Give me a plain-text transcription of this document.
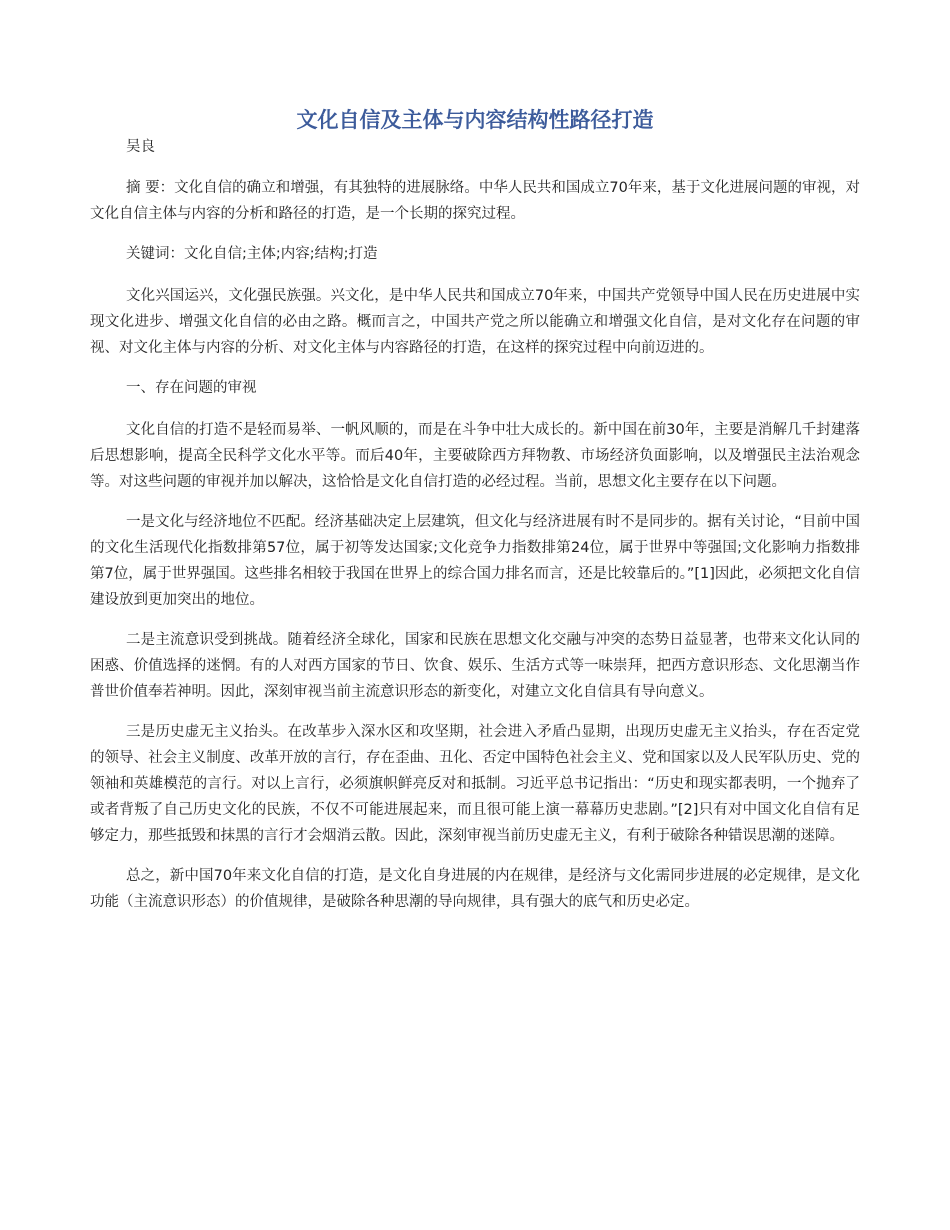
文化自信及主体与内容结构性路径打造
吴良

摘 要：文化自信的确立和增强，有其独特的进展脉络。中华人民共和国成立70年来，基于文化进展问题的审视，对文化自信主体与内容的分析和路径的打造，是一个长期的探究过程。

关键词：文化自信;主体;内容;结构;打造

文化兴国运兴，文化强民族强。兴文化，是中华人民共和国成立70年来，中国共产党领导中国人民在历史进展中实现文化进步、增强文化自信的必由之路。概而言之，中国共产党之所以能确立和增强文化自信，是对文化存在问题的审视、对文化主体与内容的分析、对文化主体与内容路径的打造，在这样的探究过程中向前迈进的。

一、存在问题的审视

文化自信的打造不是轻而易举、一帆风顺的，而是在斗争中壮大成长的。新中国在前30年，主要是消解几千封建落后思想影响，提高全民科学文化水平等。而后40年，主要破除西方拜物教、市场经济负面影响，以及增强民主法治观念等。对这些问题的审视并加以解决，这恰恰是文化自信打造的必经过程。当前，思想文化主要存在以下问题。

一是文化与经济地位不匹配。经济基础决定上层建筑，但文化与经济进展有时不是同步的。据有关讨论，“目前中国的文化生活现代化指数排第57位，属于初等发达国家;文化竞争力指数排第24位，属于世界中等强国;文化影响力指数排第7位，属于世界强国。这些排名相较于我国在世界上的综合国力排名而言，还是比较靠后的。”[1]因此，必须把文化自信建设放到更加突出的地位。

二是主流意识受到挑战。随着经济全球化，国家和民族在思想文化交融与冲突的态势日益显著，也带来文化认同的困惑、价值选择的迷惘。有的人对西方国家的节日、饮食、娱乐、生活方式等一味崇拜，把西方意识形态、文化思潮当作普世价值奉若神明。因此，深刻审视当前主流意识形态的新变化，对建立文化自信具有导向意义。

三是历史虚无主义抬头。在改革步入深水区和攻坚期，社会进入矛盾凸显期，出现历史虚无主义抬头，存在否定党的领导、社会主义制度、改革开放的言行，存在歪曲、丑化、否定中国特色社会主义、党和国家以及人民军队历史、党的领袖和英雄模范的言行。对以上言行，必须旗帜鲜亮反对和抵制。习近平总书记指出：“历史和现实都表明，一个抛弃了或者背叛了自己历史文化的民族，不仅不可能进展起来，而且很可能上演一幕幕历史悲剧。”[2]只有对中国文化自信有足够定力，那些抵毁和抹黑的言行才会烟消云散。因此，深刻审视当前历史虚无主义，有利于破除各种错误思潮的迷障。

总之，新中国70年来文化自信的打造，是文化自身进展的内在规律，是经济与文化需同步进展的必定规律，是文化功能（主流意识形态）的价值规律，是破除各种思潮的导向规律，具有强大的底气和历史必定。
